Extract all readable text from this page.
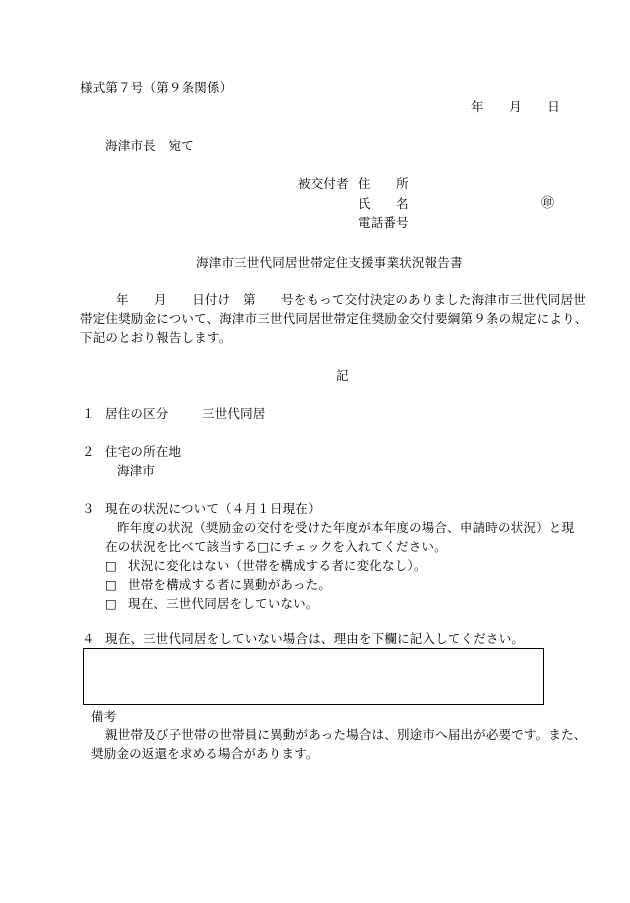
様式第７号（第９条関係）
年　　月　　日
海津市長　宛て
被交付者 住　　所
氏　　名	㊞
電話番号
海津市三世代同居世帯定住支援事業状況報告書
年　　月　　日付け　第　　号をもって交付決定のありました海津市三世代同居世
帯定住奨励金について、海津市三世代同居世帯定住奨励金交付要綱第９条の規定により、
下記のとおり報告します。
記
１ 居住の区分	三世代同居
２ 住宅の所在地
海津市
３ 現在の状況について（４月１日現在）
昨年度の状況（奨励金の交付を受けた年度が本年度の場合、申請時の状況）と現
在の状況を比べて該当する□にチェックを入れてください。
□ 状況に変化はない（世帯を構成する者に変化なし）。
□ 世帯を構成する者に異動があった。
□ 現在、三世代同居をしていない。
４ 現在、三世代同居をしていない場合は、理由を下欄に記入してください。
備考
親世帯及び子世帯の世帯員に異動があった場合は、別途市へ届出が必要です。また、
奨励金の返還を求める場合があります。
